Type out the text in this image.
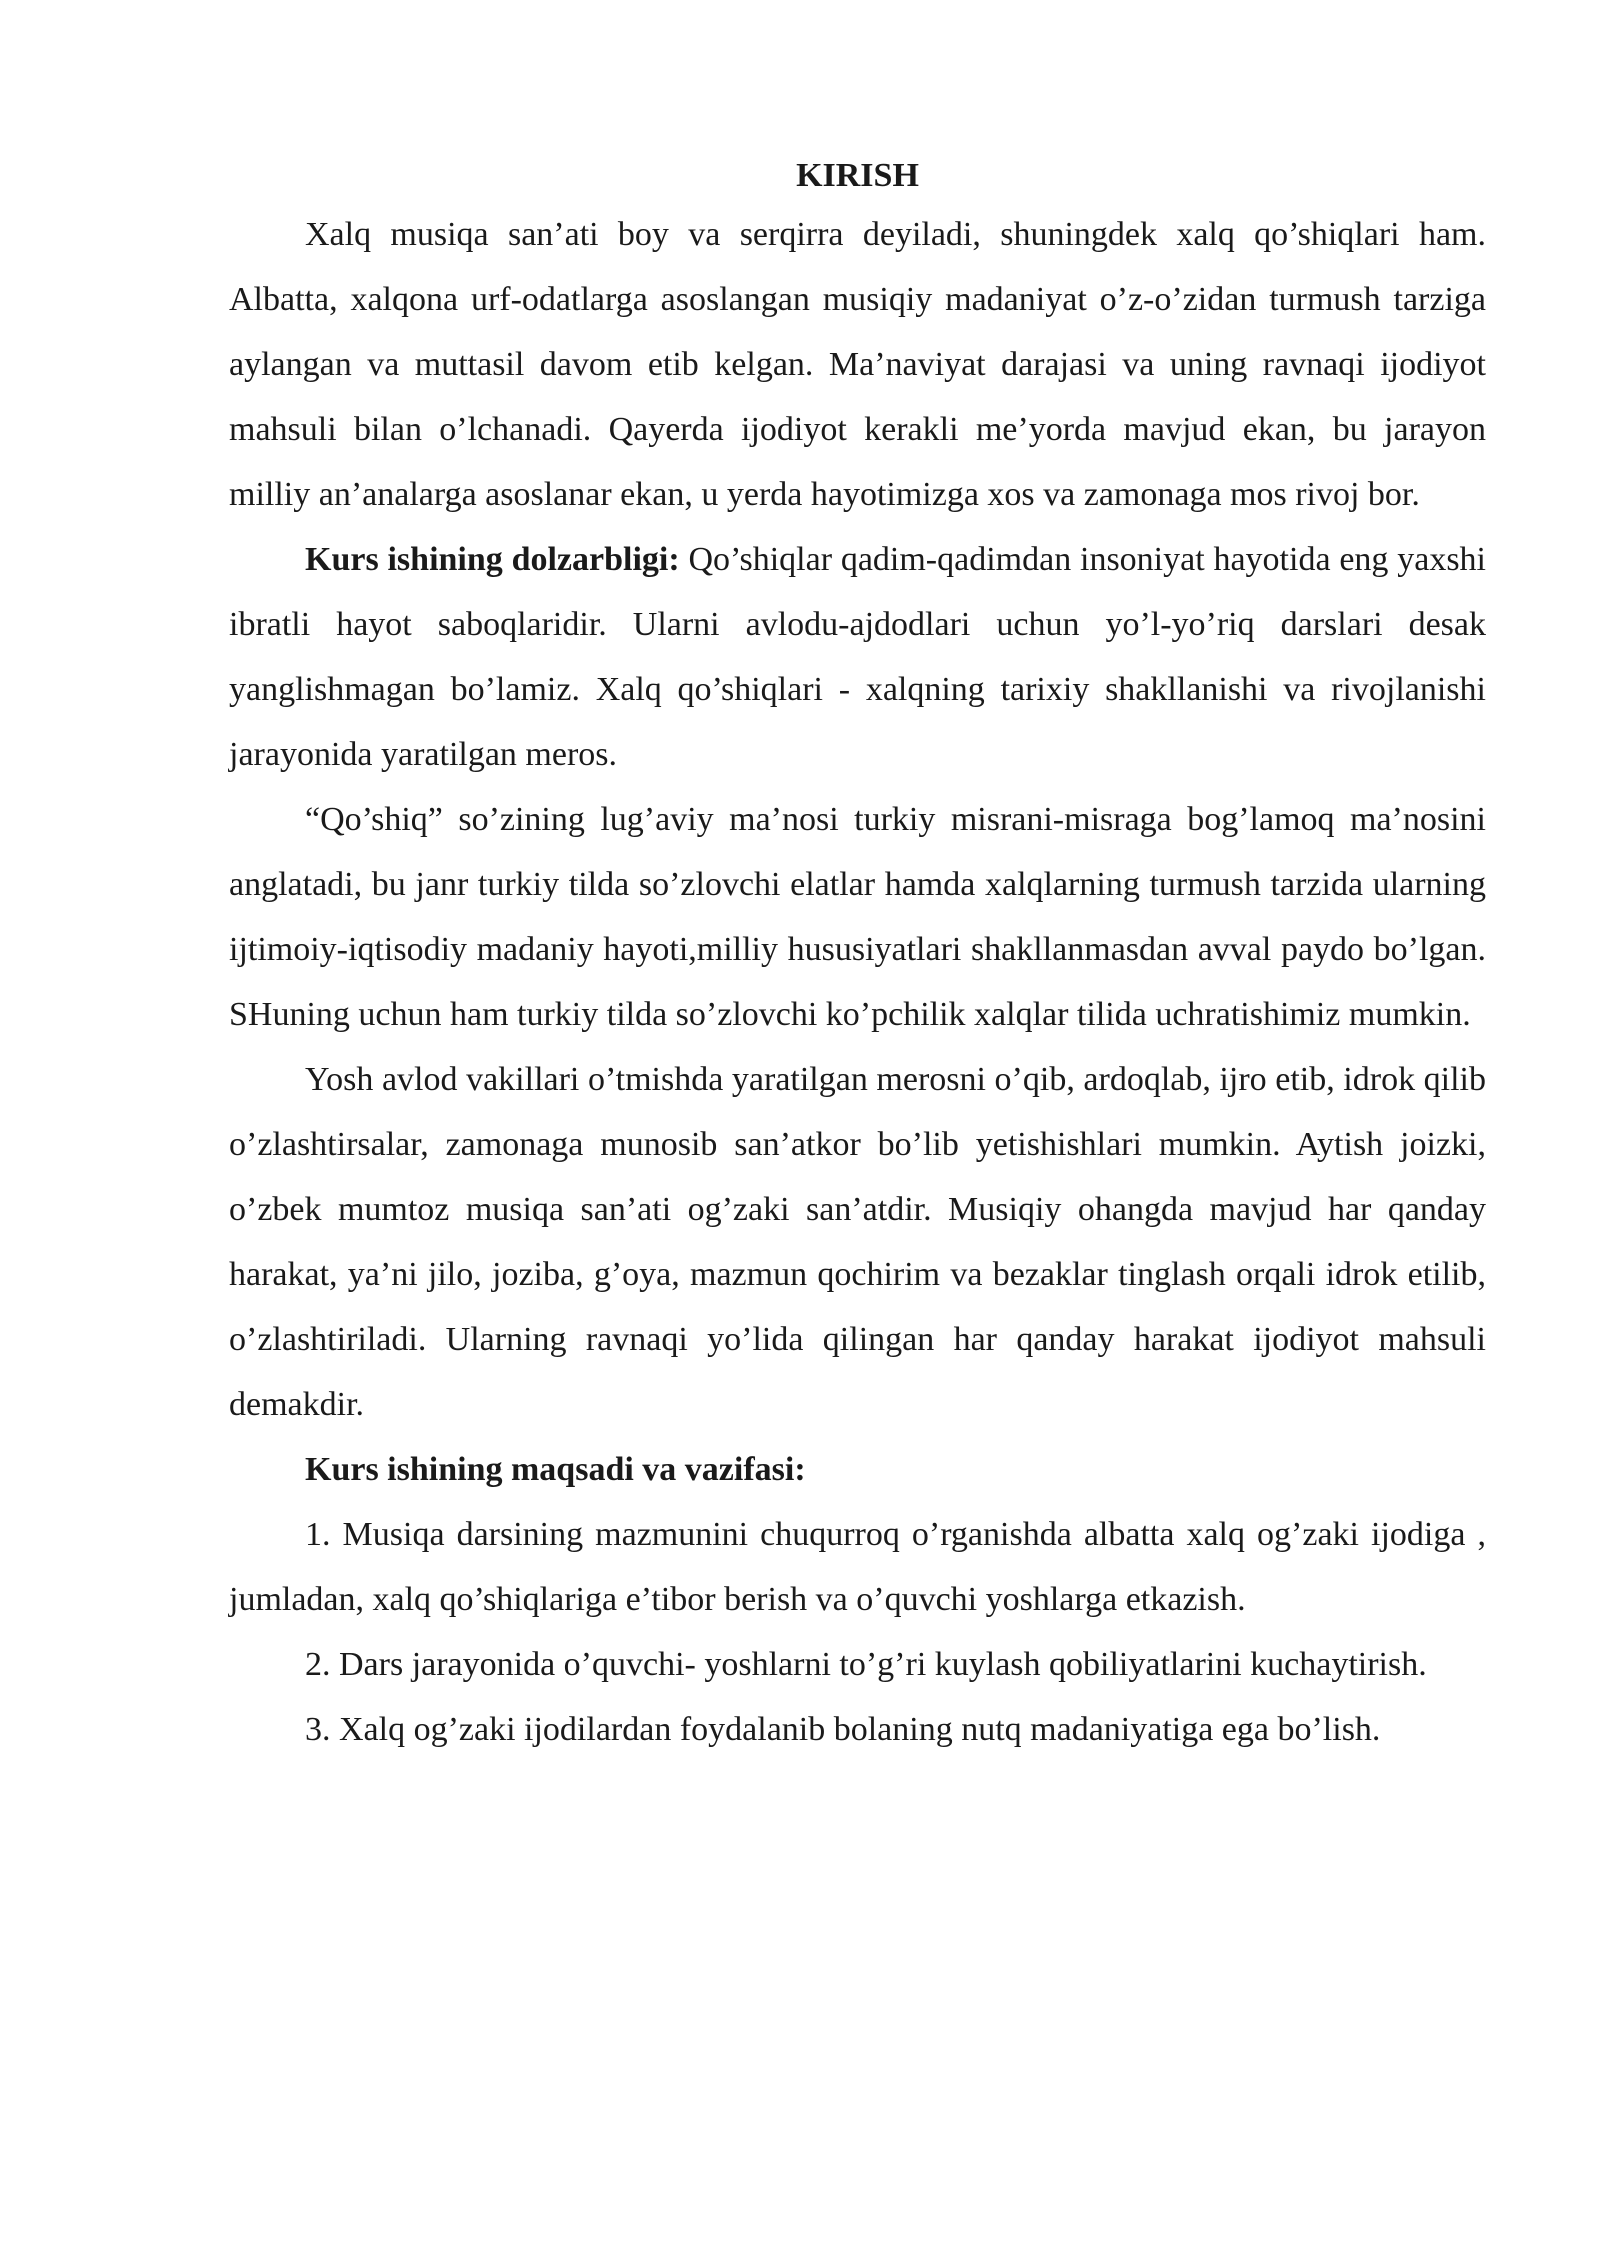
KIRISH

Xalq musiqa san’ati boy va serqirra deyiladi, shuningdek xalq qo’shiqlari ham. Albatta, xalqona urf-odatlarga asoslangan musiqiy madaniyat o’z-o’zidan turmush tarziga aylangan va muttasil davom etib kelgan. Ma’naviyat darajasi va uning ravnaqi ijodiyot mahsuli bilan o’lchanadi. Qayerda ijodiyot kerakli me’yorda mavjud ekan, bu jarayon milliy an’analarga asoslanar ekan, u yerda hayotimizga xos va zamonaga mos rivoj bor.

Kurs ishining dolzarbligi: Qo’shiqlar qadim-qadimdan insoniyat hayotida eng yaxshi ibratli hayot saboqlaridir. Ularni avlodu-ajdodlari uchun yo’l-yo’riq darslari desak yanglishmagan bo’lamiz. Xalq qo’shiqlari - xalqning tarixiy shakllanishi va rivojlanishi jarayonida yaratilgan meros.

“Qo’shiq” so’zining lug’aviy ma’nosi turkiy misrani-misraga bog’lamoq ma’nosini anglatadi, bu janr turkiy tilda so’zlovchi elatlar hamda xalqlarning turmush tarzida ularning ijtimoiy-iqtisodiy madaniy hayoti,milliy hususiyatlari shakllanmasdan avval paydo bo’lgan. SHuning uchun ham turkiy tilda so’zlovchi ko’pchilik xalqlar tilida uchratishimiz mumkin.

Yosh avlod vakillari o’tmishda yaratilgan merosni o’qib, ardoqlab, ijro etib, idrok qilib o’zlashtirsalar, zamonaga munosib san’atkor bo’lib yetishishlari mumkin. Aytish joizki, o’zbek mumtoz musiqa san’ati og’zaki san’atdir. Musiqiy ohangda mavjud har qanday harakat, ya’ni jilo, joziba, g’oya, mazmun qochirim va bezaklar tinglash orqali idrok etilib, o’zlashtiriladi. Ularning ravnaqi yo’lida qilingan har qanday harakat ijodiyot mahsuli demakdir.

Kurs ishining maqsadi va vazifasi:

1. Musiqa darsining mazmunini chuqurroq o’rganishda albatta xalq og’zaki ijodiga , jumladan, xalq qo’shiqlariga e’tibor berish va o’quvchi yoshlarga etkazish.

2. Dars jarayonida o’quvchi- yoshlarni to’g’ri kuylash qobiliyatlarini kuchaytirish.

3. Xalq og’zaki ijodilardan foydalanib bolaning nutq madaniyatiga ega bo’lish.
